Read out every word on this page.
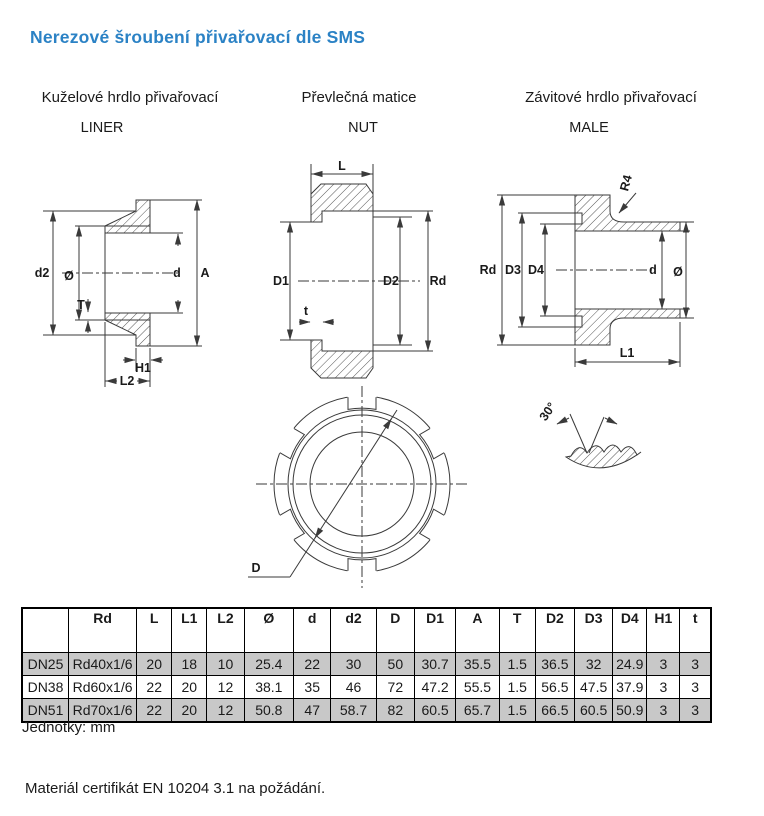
Nerezové šroubení přivařovací dle SMS
Kuželové hrdlo přivařovací	Převlečná matice	Závitové hrdlo přivařovací
LINER	NUT	MALE
d2 Ø
T
d A
H1
L2
L
D1	D2 Rd
t
D
30°
R4
Rd D3 D4	d Ø
L1
	Rd	L	L1	L2	Ø	d	d2	D	D1	A	T	D2	D3	D4	H1	t
DN25	Rd40x1/6	20	18	10	25.4	22	30	50	30.7	35.5	1.5	36.5	32	24.9	3	3
DN38	Rd60x1/6	22	20	12	38.1	35	46	72	47.2	55.5	1.5	56.5	47.5	37.9	3	3
DN51	Rd70x1/6	22	20	12	50.8	47	58.7	82	60.5	65.7	1.5	66.5	60.5	50.9	3	3
Jednotky: mm
Materiál certifikát EN 10204 3.1 na požádání.
